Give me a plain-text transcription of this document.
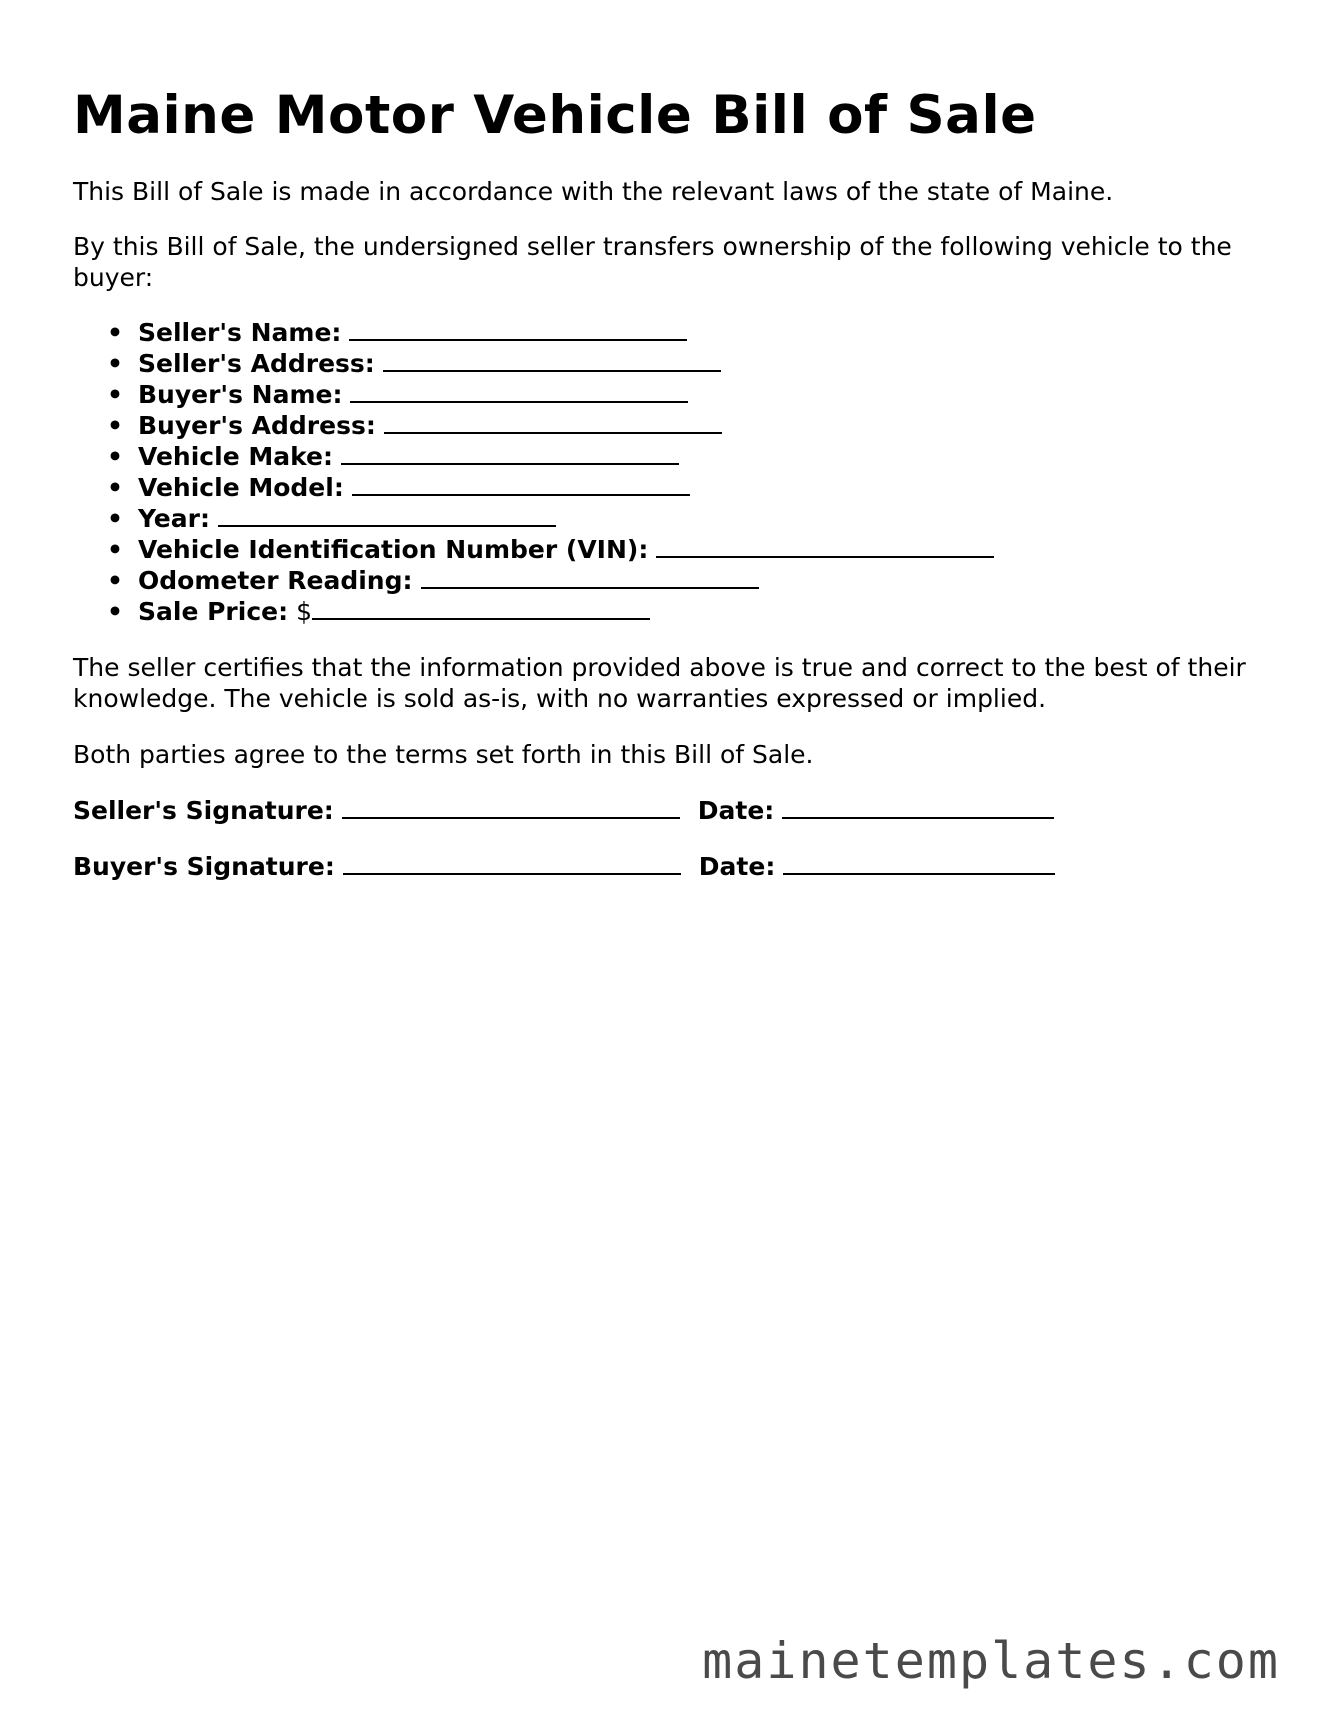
Maine Motor Vehicle Bill of Sale

This Bill of Sale is made in accordance with the relevant laws of the state of Maine.

By this Bill of Sale, the undersigned seller transfers ownership of the following vehicle to the buyer:

• Seller's Name:
• Seller's Address:
• Buyer's Name:
• Buyer's Address:
• Vehicle Make:
• Vehicle Model:
• Year:
• Vehicle Identification Number (VIN):
• Odometer Reading:
• Sale Price: $

The seller certifies that the information provided above is true and correct to the best of their knowledge. The vehicle is sold as-is, with no warranties expressed or implied.

Both parties agree to the terms set forth in this Bill of Sale.

Seller's Signature:	Date:
Buyer's Signature:	Date:
mainetemplates.com
